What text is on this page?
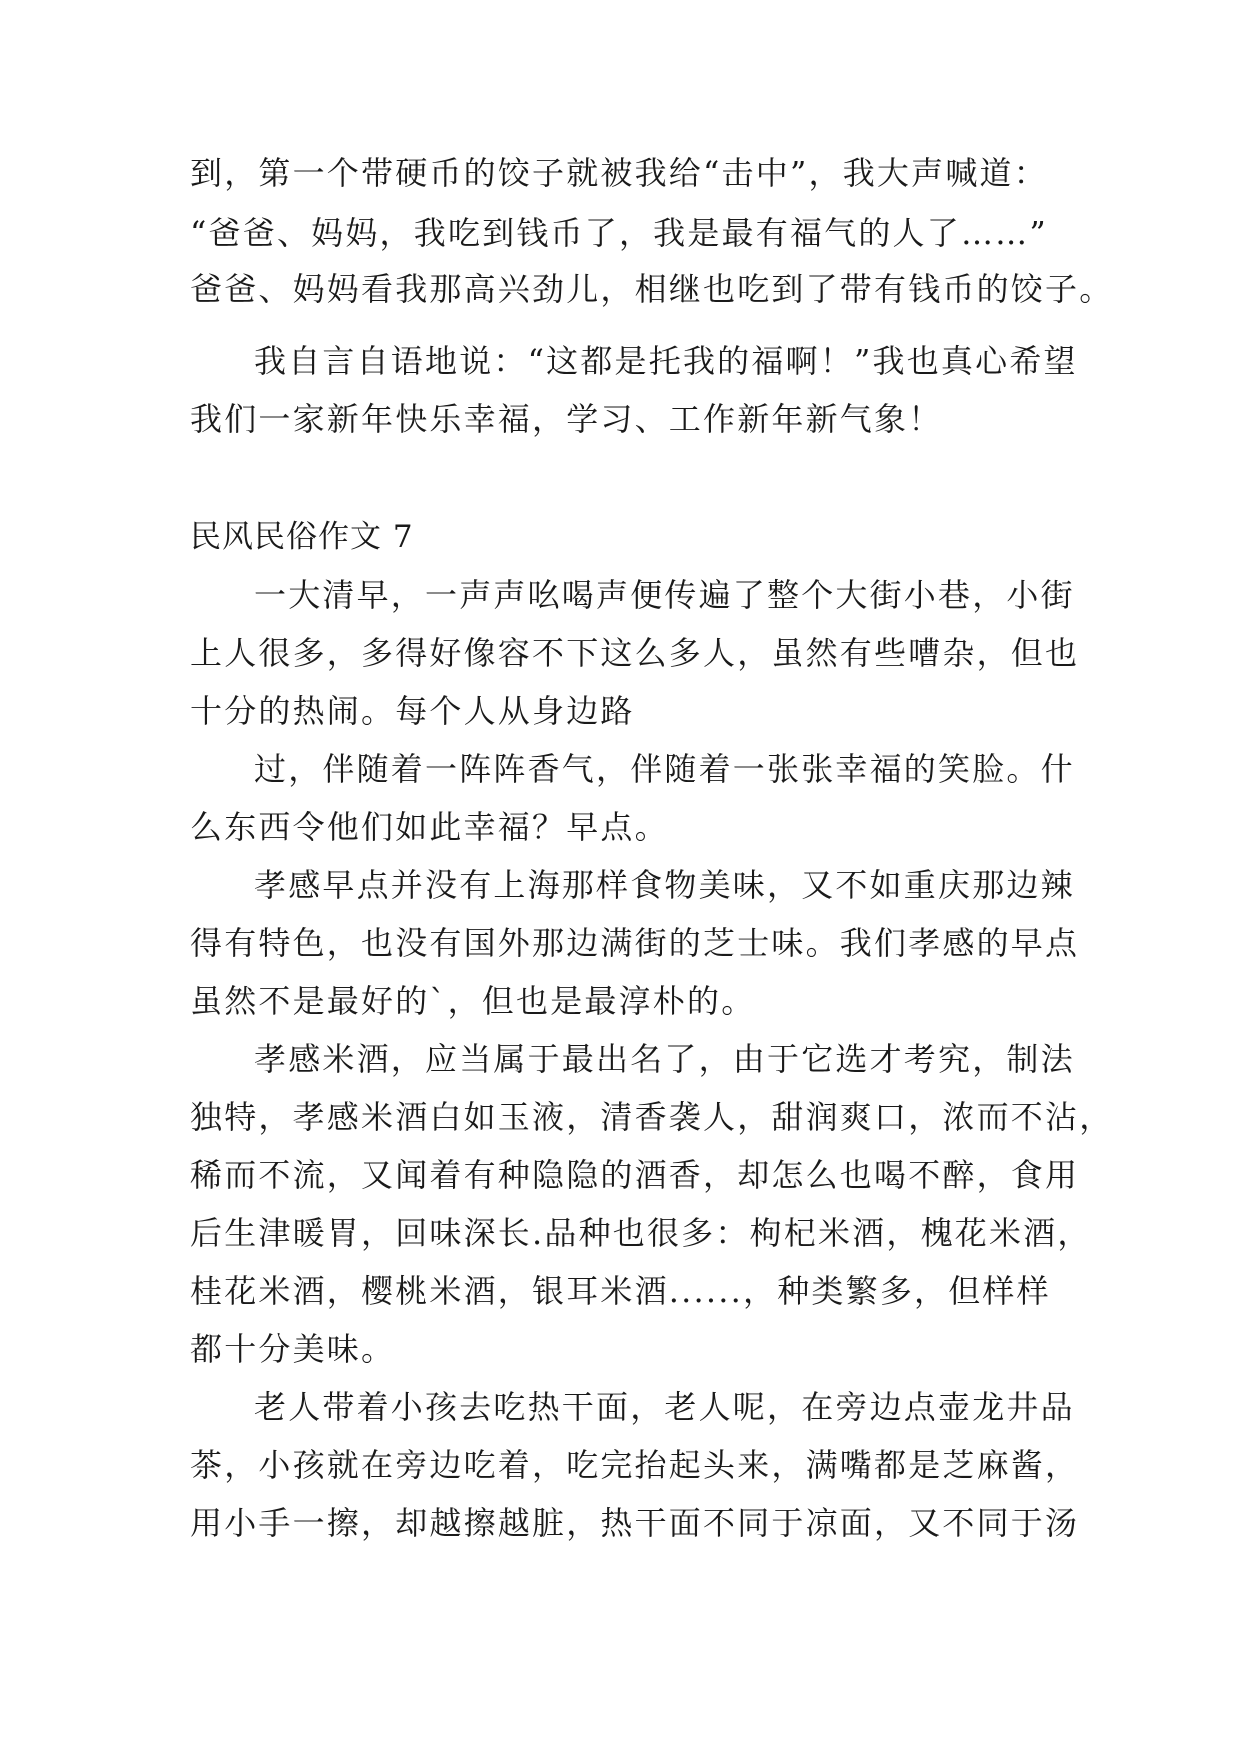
到，第一个带硬币的饺子就被我给“击中”，我大声喊道：
“爸爸、妈妈，我吃到钱币了，我是最有福气的人了……”
爸爸、妈妈看我那高兴劲儿，相继也吃到了带有钱币的饺子。
我自言自语地说：“这都是托我的福啊！”我也真心希望
我们一家新年快乐幸福，学习、工作新年新气象！
民风民俗作文 7
一大清早，一声声吆喝声便传遍了整个大街小巷，小街
上人很多，多得好像容不下这么多人，虽然有些嘈杂，但也
十分的热闹。每个人从身边路
过，伴随着一阵阵香气，伴随着一张张幸福的笑脸。什
么东西令他们如此幸福？早点。
孝感早点并没有上海那样食物美味，又不如重庆那边辣
得有特色，也没有国外那边满街的芝士味。我们孝感的早点
虽然不是最好的`，但也是最淳朴的。
孝感米酒，应当属于最出名了，由于它选才考究，制法
独特，孝感米酒白如玉液，清香袭人，甜润爽口，浓而不沾，
稀而不流，又闻着有种隐隐的酒香，却怎么也喝不醉，食用
后生津暖胃，回味深长.品种也很多：枸杞米酒，槐花米酒，
桂花米酒，樱桃米酒，银耳米酒......，种类繁多，但样样
都十分美味。
老人带着小孩去吃热干面，老人呢，在旁边点壶龙井品
茶，小孩就在旁边吃着，吃完抬起头来，满嘴都是芝麻酱，
用小手一擦，却越擦越脏，热干面不同于凉面，又不同于汤
